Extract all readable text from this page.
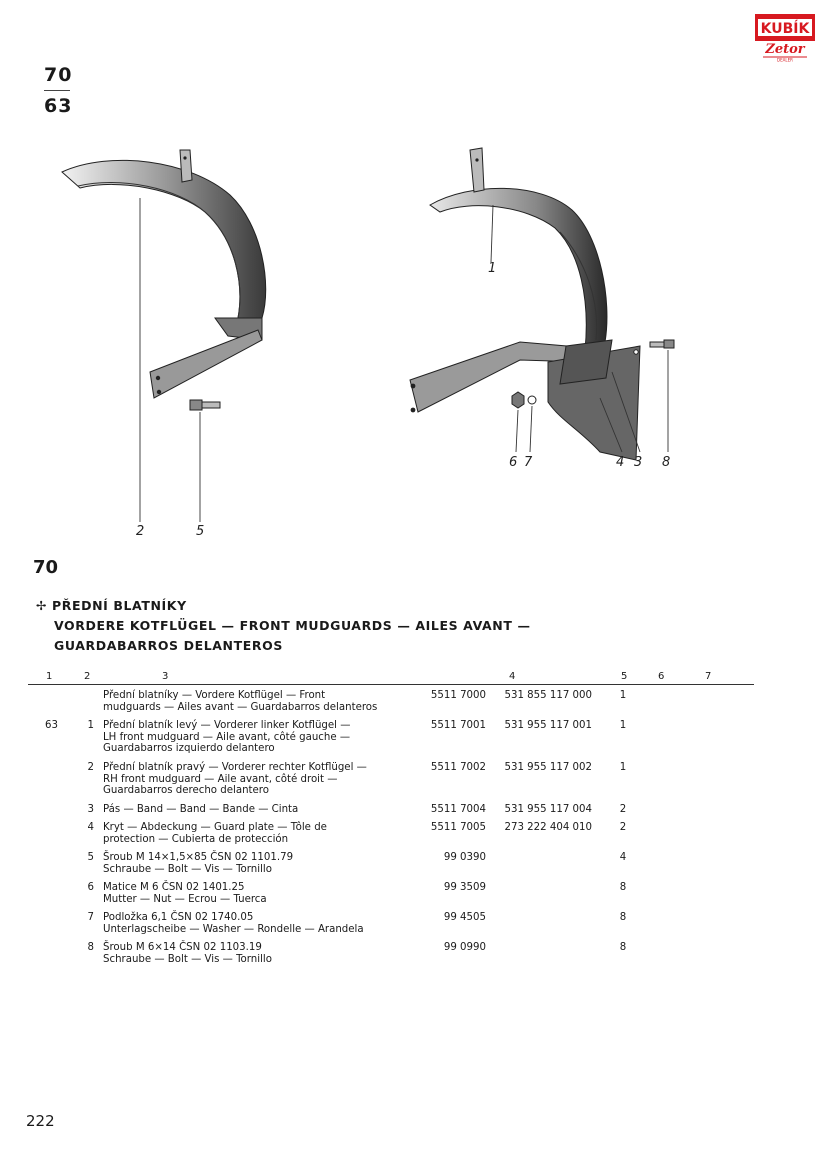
70
63
KUBÍK
Zetor
DEALER
2	5
1
6 7	4 3 8
70
✢ PŘEDNÍ BLATNÍKY
VORDERE KOTFLÜGEL — FRONT MUDGUARDS — AILES AVANT —
GUARDABARROS DELANTEROS
1	2	3	4	5	6	7
Přední blatníky — Vordere Kotflügel — Front
mudguards — Ailes avant — Guardabarros delanteros
5511 7000	531 855 117 000	1
63	1 Přední blatník levý — Vorderer linker Kotflügel —
LH front mudguard — Aile avant, côté gauche —
Guardabarros izquierdo delantero
5511 7001	531 955 117 001	1
2 Přední blatník pravý — Vorderer rechter Kotflügel —
RH front mudguard — Aile avant, côté droit —
Guardabarros derecho delantero
5511 7002	531 955 117 002	1
3 Pás — Band — Band — Bande — Cinta	5511 7004	531 955 117 004	2
4 Kryt — Abdeckung — Guard plate — Tôle de
protection — Cubierta de protección
5511 7005	273 222 404 010	2
5 Šroub M 14×1,5×85 ČSN 02 1101.79
Schraube — Bolt — Vis — Tornillo
99 0390	4
6 Matice M 6 ČSN 02 1401.25
Mutter — Nut — Ecrou — Tuerca
99 3509	8
7 Podložka 6,1 ČSN 02 1740.05
Unterlagscheibe — Washer — Rondelle — Arandela
99 4505	8
8 Šroub M 6×14 ČSN 02 1103.19
Schraube — Bolt — Vis — Tornillo
99 0990	8
222
